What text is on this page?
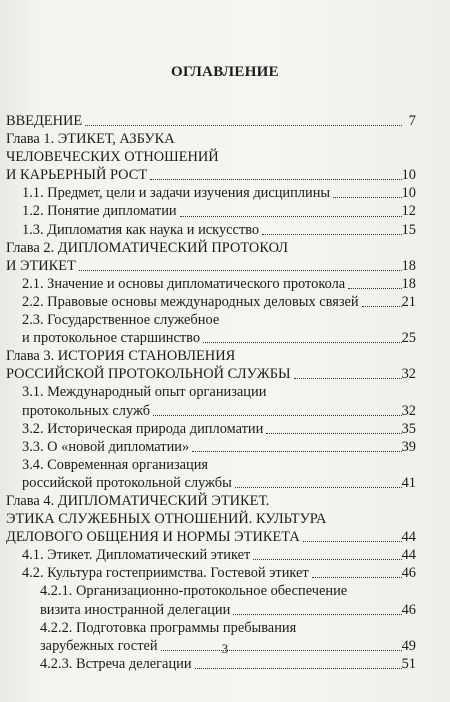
ОГЛАВЛЕНИЕ
ВВЕДЕНИЕ	7
Глава 1. ЭТИКЕТ, АЗБУКА
ЧЕЛОВЕЧЕСКИХ ОТНОШЕНИЙ
И КАРЬЕРНЫЙ РОСТ	10
1.1. Предмет, цели и задачи изучения дисциплины	10
1.2. Понятие дипломатии	12
1.3. Дипломатия как наука и искусство	15
Глава 2. ДИПЛОМАТИЧЕСКИЙ ПРОТОКОЛ
И ЭТИКЕТ	18
2.1. Значение и основы дипломатического протокола	18
2.2. Правовые основы международных деловых связей	21
2.3. Государственное служебное
и протокольное старшинство	25
Глава 3. ИСТОРИЯ СТАНОВЛЕНИЯ
РОССИЙСКОЙ ПРОТОКОЛЬНОЙ СЛУЖБЫ	32
3.1. Международный опыт организации
протокольных служб	32
3.2. Историческая природа дипломатии	35
3.3. О «новой дипломатии»	39
3.4. Современная организация
российской протокольной службы	41
Глава 4. ДИПЛОМАТИЧЕСКИЙ ЭТИКЕТ.
ЭТИКА СЛУЖЕБНЫХ ОТНОШЕНИЙ. КУЛЬТУРА
ДЕЛОВОГО ОБЩЕНИЯ И НОРМЫ ЭТИКЕТА	44
4.1. Этикет. Дипломатический этикет	44
4.2. Культура гостеприимства. Гостевой этикет	46
4.2.1. Организационно-протокольное обеспечение
визита иностранной делегации	46
4.2.2. Подготовка программы пребывания
зарубежных гостей	49
4.2.3. Встреча делегации	51
3
